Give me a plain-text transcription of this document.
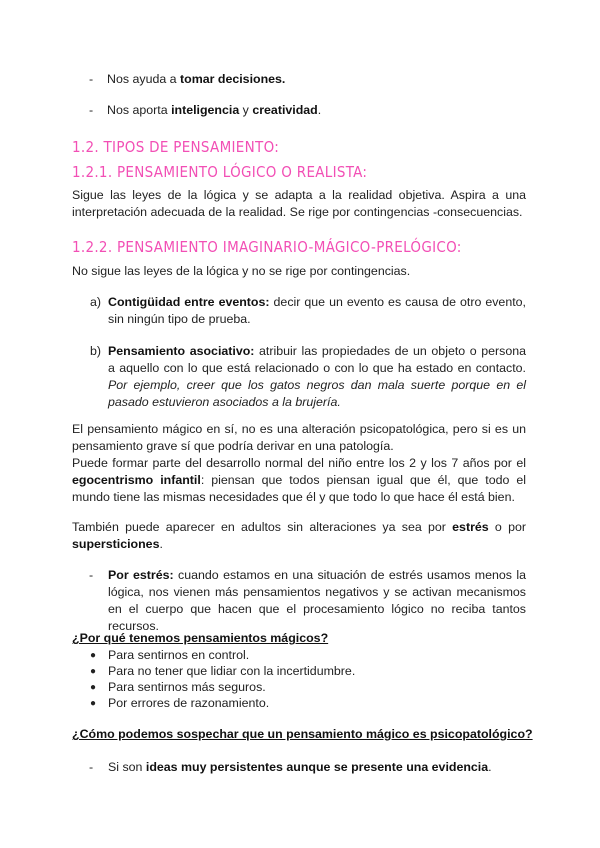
- Nos ayuda a tomar decisiones.
- Nos aporta inteligencia y creatividad.
1.2. TIPOS DE PENSAMIENTO:
1.2.1. PENSAMIENTO LÓGICO O REALISTA:
Sigue las leyes de la lógica y se adapta a la realidad objetiva. Aspira a una interpretación adecuada de la realidad. Se rige por contingencias -consecuencias.
1.2.2. PENSAMIENTO IMAGINARIO-MÁGICO-PRELÓGICO:
No sigue las leyes de la lógica y no se rige por contingencias.
a) Contigüidad entre eventos: decir que un evento es causa de otro evento, sin ningún tipo de prueba.
b) Pensamiento asociativo: atribuir las propiedades de un objeto o persona a aquello con lo que está relacionado o con lo que ha estado en contacto. Por ejemplo, creer que los gatos negros dan mala suerte porque en el pasado estuvieron asociados a la brujería.
El pensamiento mágico en sí, no es una alteración psicopatológica, pero si es un pensamiento grave sí que podría derivar en una patología.
Puede formar parte del desarrollo normal del niño entre los 2 y los 7 años por el egocentrismo infantil: piensan que todos piensan igual que él, que todo el mundo tiene las mismas necesidades que él y que todo lo que hace él está bien.
También puede aparecer en adultos sin alteraciones ya sea por estrés o por supersticiones.
- Por estrés: cuando estamos en una situación de estrés usamos menos la lógica, nos vienen más pensamientos negativos y se activan mecanismos en el cuerpo que hacen que el procesamiento lógico no reciba tantos recursos.
¿Por qué tenemos pensamientos mágicos?
● Para sentirnos en control.
● Para no tener que lidiar con la incertidumbre.
● Para sentirnos más seguros.
● Por errores de razonamiento.
¿Cómo podemos sospechar que un pensamiento mágico es psicopatológico?
- Si son ideas muy persistentes aunque se presente una evidencia.
